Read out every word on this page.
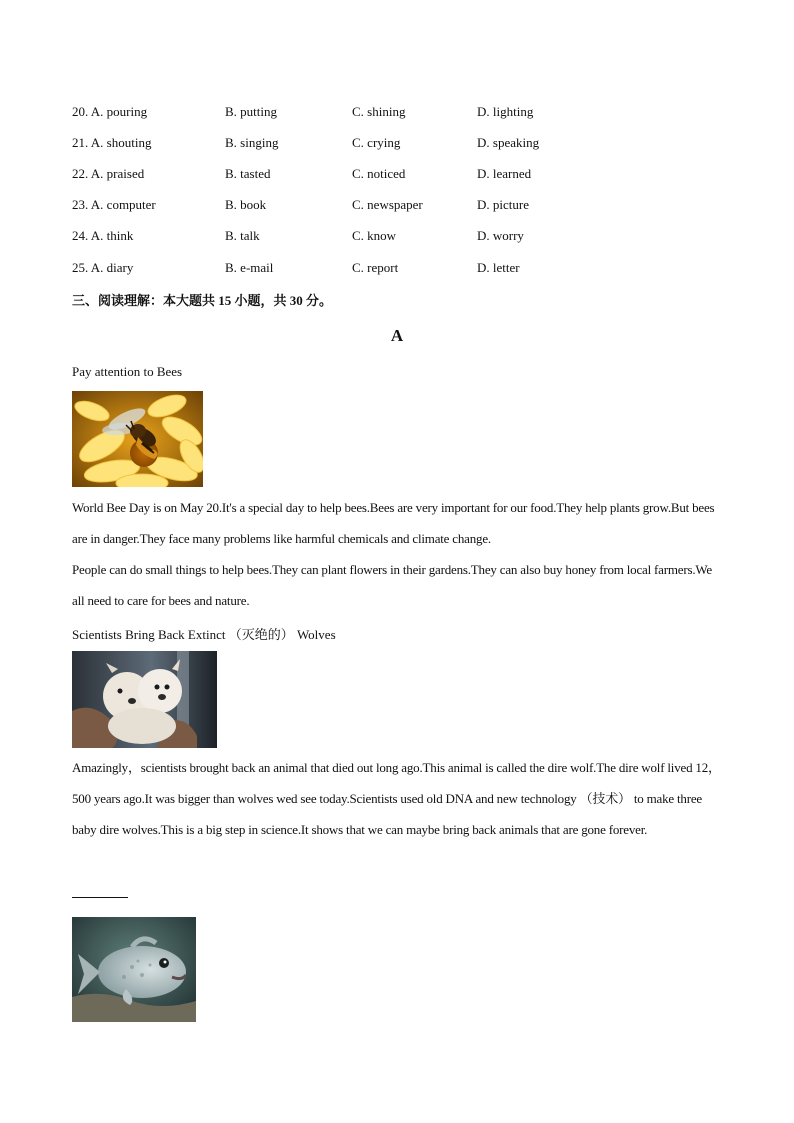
20. A. pouring	B. putting	C. shining	D. lighting
21. A. shouting	B. singing	C. crying	D. speaking
22. A. praised	B. tasted	C. noticed	D. learned
23. A. computer	B. book	C. newspaper	D. picture
24. A. think	B. talk	C. know	D. worry
25. A. diary	B. e-mail	C. report	D. letter
三、阅读理解：本大题共 15 小题，共 30 分。
A
Pay attention to Bees
World Bee Day is on May 20.It's a special day to help bees.Bees are very important for our food.They help plants grow.But bees are in danger.They face many problems like harmful chemicals and climate change.
People can do small things to help bees.They can plant flowers in their gardens.They can also buy honey from local farmers.We all need to care for bees and nature.
Scientists Bring Back Extinct （灭绝的） Wolves
Amazingly，scientists brought back an animal that died out long ago.This animal is called the dire wolf.The dire wolf lived 12，500 years ago.It was bigger than wolves wed see today.Scientists used old DNA and new technology （技术） to make three baby dire wolves.This is a big step in science.It shows that we can maybe bring back animals that are gone forever.
